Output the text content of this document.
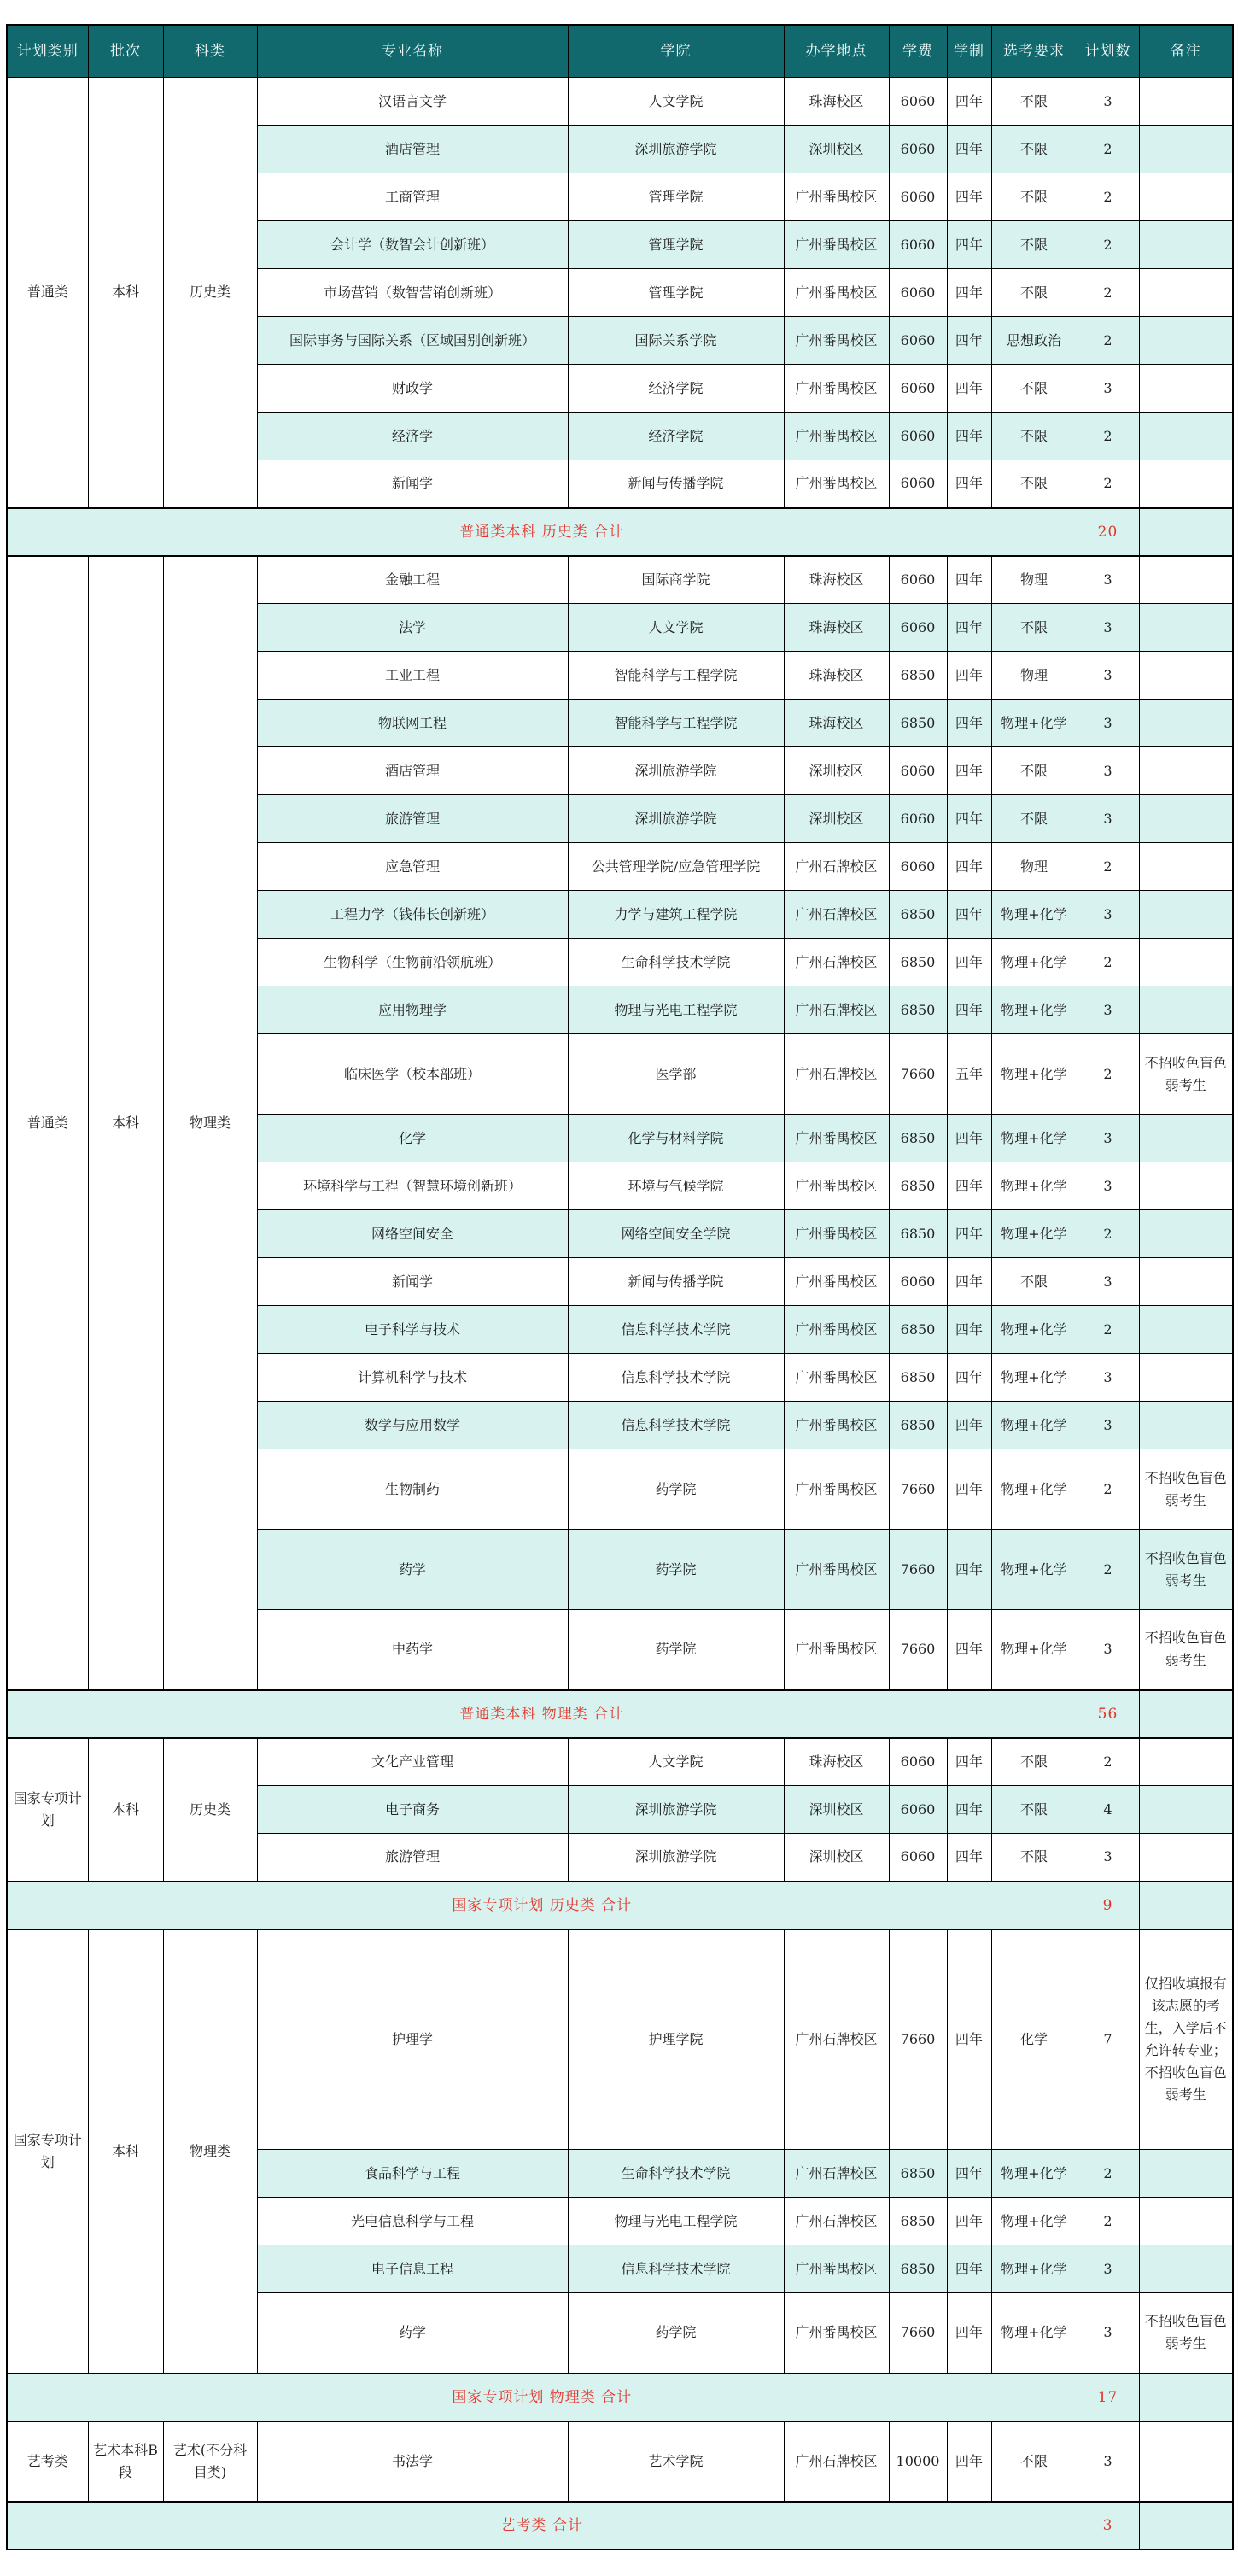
计划类别	批次	科类	专业名称	学院	办学地点	学费	学制	选考要求	计划数	备注
普通类	本科	历史类	汉语言文学	人文学院	珠海校区	6060	四年	不限	3	
			酒店管理	深圳旅游学院	深圳校区	6060	四年	不限	2	
			工商管理	管理学院	广州番禺校区	6060	四年	不限	2	
			会计学（数智会计创新班）	管理学院	广州番禺校区	6060	四年	不限	2	
			市场营销（数智营销创新班）	管理学院	广州番禺校区	6060	四年	不限	2	
			国际事务与国际关系（区域国别创新班）	国际关系学院	广州番禺校区	6060	四年	思想政治	2	
			财政学	经济学院	广州番禺校区	6060	四年	不限	3	
			经济学	经济学院	广州番禺校区	6060	四年	不限	2	
			新闻学	新闻与传播学院	广州番禺校区	6060	四年	不限	2	
普通类本科 历史类 合计									20	
普通类	本科	物理类	金融工程	国际商学院	珠海校区	6060	四年	物理	3	
			法学	人文学院	珠海校区	6060	四年	不限	3	
			工业工程	智能科学与工程学院	珠海校区	6850	四年	物理	3	
			物联网工程	智能科学与工程学院	珠海校区	6850	四年	物理+化学	3	
			酒店管理	深圳旅游学院	深圳校区	6060	四年	不限	3	
			旅游管理	深圳旅游学院	深圳校区	6060	四年	不限	3	
			应急管理	公共管理学院/应急管理学院	广州石牌校区	6060	四年	物理	2	
			工程力学（钱伟长创新班）	力学与建筑工程学院	广州石牌校区	6850	四年	物理+化学	3	
			生物科学（生物前沿领航班）	生命科学技术学院	广州石牌校区	6850	四年	物理+化学	2	
			应用物理学	物理与光电工程学院	广州石牌校区	6850	四年	物理+化学	3	
			临床医学（校本部班）	医学部	广州石牌校区	7660	五年	物理+化学	2	不招收色盲色弱考生
			化学	化学与材料学院	广州番禺校区	6850	四年	物理+化学	3	
			环境科学与工程（智慧环境创新班）	环境与气候学院	广州番禺校区	6850	四年	物理+化学	3	
			网络空间安全	网络空间安全学院	广州番禺校区	6850	四年	物理+化学	2	
			新闻学	新闻与传播学院	广州番禺校区	6060	四年	不限	3	
			电子科学与技术	信息科学技术学院	广州番禺校区	6850	四年	物理+化学	2	
			计算机科学与技术	信息科学技术学院	广州番禺校区	6850	四年	物理+化学	3	
			数学与应用数学	信息科学技术学院	广州番禺校区	6850	四年	物理+化学	3	
			生物制药	药学院	广州番禺校区	7660	四年	物理+化学	2	不招收色盲色弱考生
			药学	药学院	广州番禺校区	7660	四年	物理+化学	2	不招收色盲色弱考生
			中药学	药学院	广州番禺校区	7660	四年	物理+化学	3	不招收色盲色弱考生
普通类本科 物理类 合计									56	
国家专项计划	本科	历史类	文化产业管理	人文学院	珠海校区	6060	四年	不限	2	
			电子商务	深圳旅游学院	深圳校区	6060	四年	不限	4	
			旅游管理	深圳旅游学院	深圳校区	6060	四年	不限	3	
国家专项计划 历史类 合计									9	
国家专项计划	本科	物理类	护理学	护理学院	广州石牌校区	7660	四年	化学	7	仅招收填报有该志愿的考生，入学后不允许转专业；不招收色盲色弱考生
			食品科学与工程	生命科学技术学院	广州石牌校区	6850	四年	物理+化学	2	
			光电信息科学与工程	物理与光电工程学院	广州石牌校区	6850	四年	物理+化学	2	
			电子信息工程	信息科学技术学院	广州番禺校区	6850	四年	物理+化学	3	
			药学	药学院	广州番禺校区	7660	四年	物理+化学	3	不招收色盲色弱考生
国家专项计划 物理类 合计									17	
艺考类	艺术本科B段	艺术(不分科目类)	书法学	艺术学院	广州石牌校区	10000	四年	不限	3	
艺考类 合计									3	
